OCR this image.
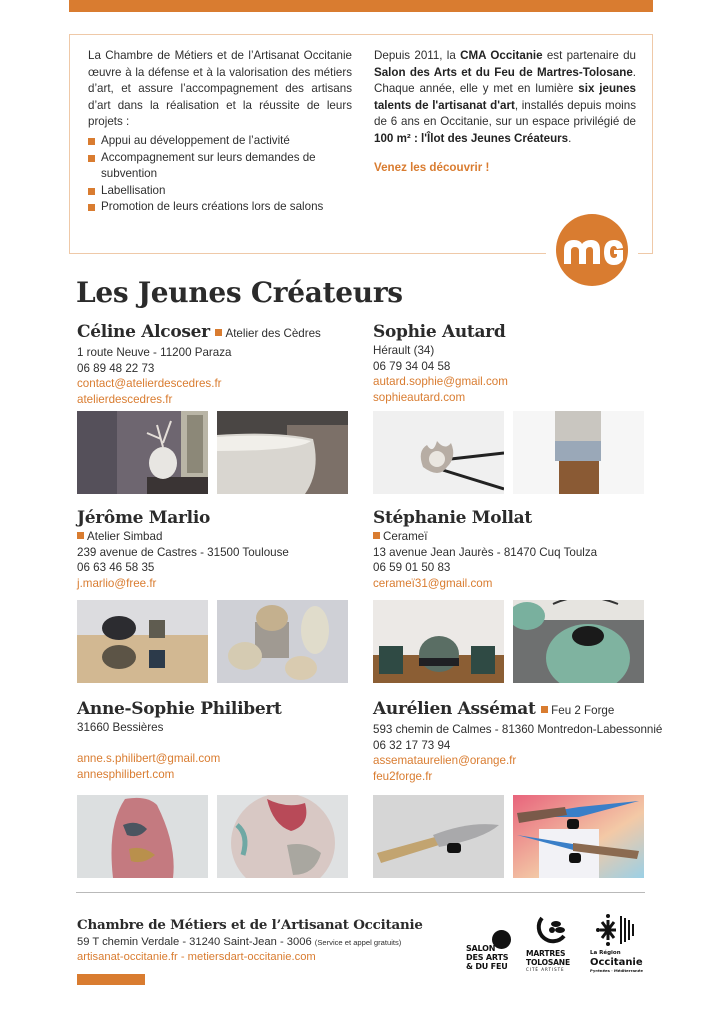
La Chambre de Métiers et de l’Artisanat Occitanie œuvre à la défense et à la valorisation des métiers d’art, et assure l’accompagnement des artisans d’art dans la réalisation et la réussite de leurs projets :

Appui au développement de l’activité
Accompagnement sur leurs demandes de subvention
Labellisation
Promotion de leurs créations lors de salons

Depuis 2011, la CMA Occitanie est partenaire du Salon des Arts et du Feu de Martres-Tolosane. Chaque année, elle y met en lumière six jeunes talents de l'artisanat d'art, installés depuis moins de 6 ans en Occitanie, sur un espace privilégié de 100 m² : l'Îlot des Jeunes Créateurs.

Venez les découvrir !

Les Jeunes Créateurs
Céline Alcoser Atelier des Cèdres
1 route Neuve - 11200 Paraza
06 89 48 22 73
contact@atelierdescedres.fr
atelierdescedres.fr
Sophie Autard
Hérault (34)
06 79 34 04 58
autard.sophie@gmail.com
sophieautard.com
Jérôme Marlio
Atelier Simbad
239 avenue de Castres - 31500 Toulouse
06 63 46 58 35
j.marlio@free.fr
Stéphanie Mollat
Cerameï
13 avenue Jean Jaurès - 81470 Cuq Toulza
06 59 01 50 83
cerameï31@gmail.com
Anne-Sophie Philibert
31660 Bessières
anne.s.philibert@gmail.com
annesphilibert.com
Aurélien Assémat Feu 2 Forge
593 chemin de Calmes - 81360 Montredon-Labessonnié
06 32 17 73 94
assemataurelien@orange.fr
feu2forge.fr
Chambre de Métiers et de l’Artisanat Occitanie
59 T chemin Verdale - 31240 Saint-Jean - 3006 (Service et appel gratuits)
artisanat-occitanie.fr - metiersdart-occitanie.com
SALON
DES ARTS
& DU FEU
MARTRES
TOLOSANE
CITÉ ARTISTE
La Région
Occitanie
Pyrénées · Méditerranée
